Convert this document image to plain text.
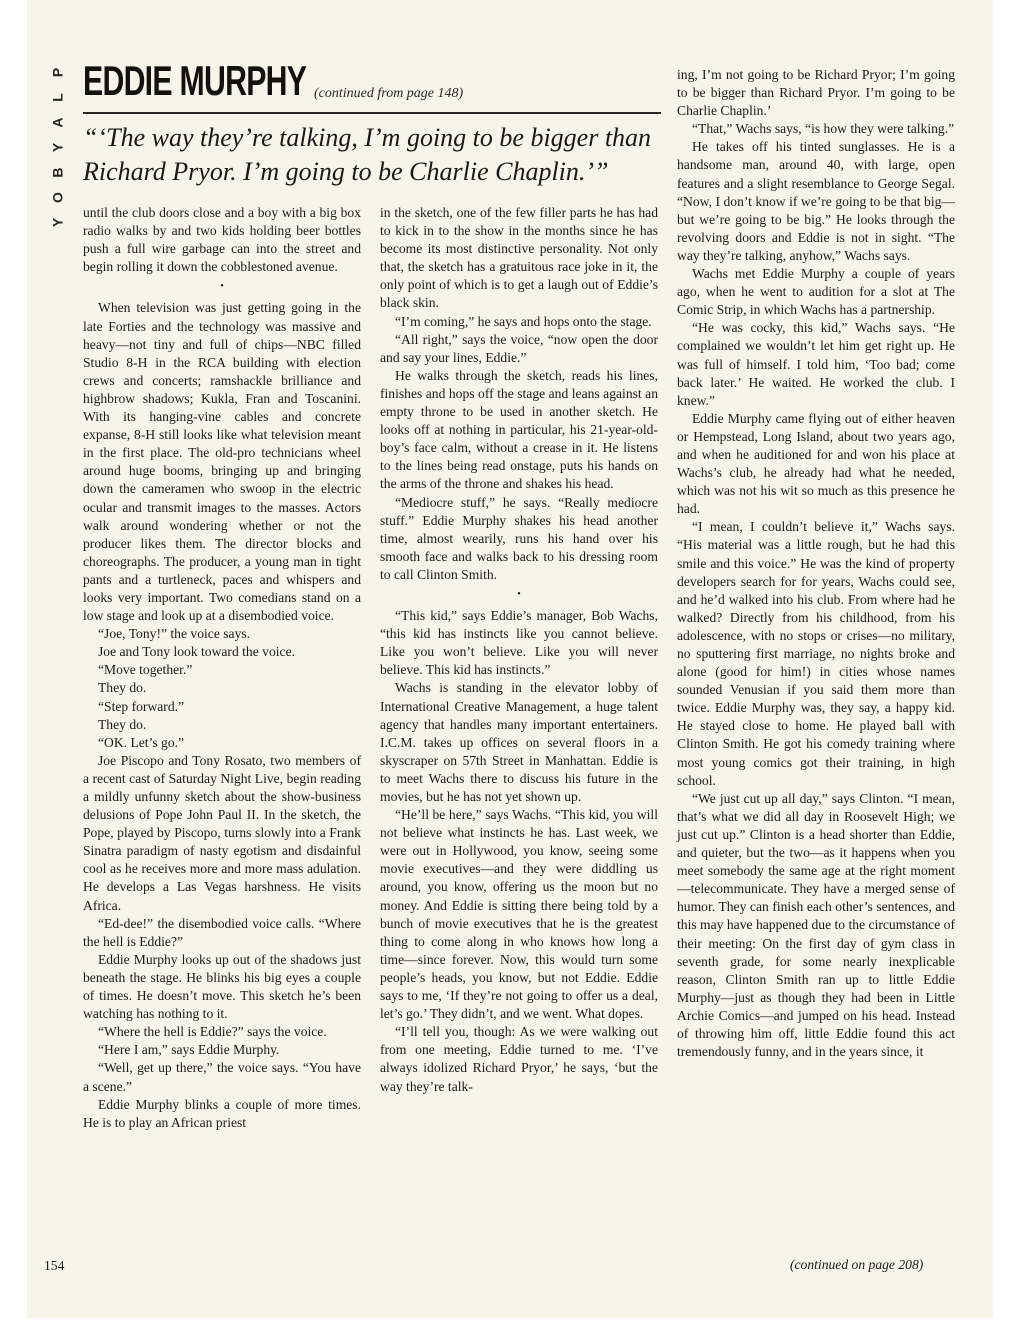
P
L
A
Y
B
O
Y
EDDIE MURPHY (continued from page 148)
“‘The way they’re talking, I’m going to be bigger than Richard Pryor. I’m going to be Charlie Chaplin.’”

until the club doors close and a boy with a big box radio walks by and two kids holding beer bottles push a full wire garbage can into the street and begin rolling it down the cobblestoned avenue.

•

When television was just getting going in the late Forties and the technology was massive and heavy—not tiny and full of chips—NBC filled Studio 8-H in the RCA building with election crews and concerts; ramshackle brilliance and highbrow shadows; Kukla, Fran and Toscanini. With its hanging-vine cables and concrete expanse, 8-H still looks like what television meant in the first place. The old-pro technicians wheel around huge booms, bringing up and bringing down the cameramen who swoop in the electric ocular and transmit images to the masses. Actors walk around wondering whether or not the producer likes them. The director blocks and choreographs. The producer, a young man in tight pants and a turtleneck, paces and whispers and looks very important. Two comedians stand on a low stage and look up at a disembodied voice.

“Joe, Tony!” the voice says.

Joe and Tony look toward the voice.

“Move together.”

They do.

“Step forward.”

They do.

“OK. Let’s go.”

Joe Piscopo and Tony Rosato, two members of a recent cast of Saturday Night Live, begin reading a mildly unfunny sketch about the show-business delusions of Pope John Paul II. In the sketch, the Pope, played by Piscopo, turns slowly into a Frank Sinatra paradigm of nasty egotism and disdainful cool as he receives more and more mass adulation. He develops a Las Vegas harshness. He visits Africa.

“Ed-dee!” the disembodied voice calls. “Where the hell is Eddie?”

Eddie Murphy looks up out of the shadows just beneath the stage. He blinks his big eyes a couple of times. He doesn’t move. This sketch he’s been watching has nothing to it.

“Where the hell is Eddie?” says the voice.

“Here I am,” says Eddie Murphy.

“Well, get up there,” the voice says. “You have a scene.”

Eddie Murphy blinks a couple of more times. He is to play an African priest

in the sketch, one of the few filler parts he has had to kick in to the show in the months since he has become its most distinctive personality. Not only that, the sketch has a gratuitous race joke in it, the only point of which is to get a laugh out of Eddie’s black skin.

“I’m coming,” he says and hops onto the stage.

“All right,” says the voice, “now open the door and say your lines, Eddie.”

He walks through the sketch, reads his lines, finishes and hops off the stage and leans against an empty throne to be used in another sketch. He looks off at nothing in particular, his 21-year-old-boy’s face calm, without a crease in it. He listens to the lines being read onstage, puts his hands on the arms of the throne and shakes his head.

“Mediocre stuff,” he says. “Really mediocre stuff.” Eddie Murphy shakes his head another time, almost wearily, runs his hand over his smooth face and walks back to his dressing room to call Clinton Smith.

•

“This kid,” says Eddie’s manager, Bob Wachs, “this kid has instincts like you cannot believe. Like you won’t believe. Like you will never believe. This kid has instincts.”

Wachs is standing in the elevator lobby of International Creative Management, a huge talent agency that handles many important entertainers. I.C.M. takes up offices on several floors in a skyscraper on 57th Street in Manhattan. Eddie is to meet Wachs there to discuss his future in the movies, but he has not yet shown up.

“He’ll be here,” says Wachs. “This kid, you will not believe what instincts he has. Last week, we were out in Hollywood, you know, seeing some movie executives—and they were diddling us around, you know, offering us the moon but no money. And Eddie is sitting there being told by a bunch of movie executives that he is the greatest thing to come along in who knows how long a time—since forever. Now, this would turn some people’s heads, you know, but not Eddie. Eddie says to me, ‘If they’re not going to offer us a deal, let’s go.’ They didn’t, and we went. What dopes.

“I’ll tell you, though: As we were walking out from one meeting, Eddie turned to me. ‘I’ve always idolized Richard Pryor,’ he says, ‘but the way they’re talk-

ing, I’m not going to be Richard Pryor; I’m going to be bigger than Richard Pryor. I’m going to be Charlie Chaplin.’

“That,” Wachs says, “is how they were talking.”

He takes off his tinted sunglasses. He is a handsome man, around 40, with large, open features and a slight resemblance to George Segal. “Now, I don’t know if we’re going to be that big—but we’re going to be big.” He looks through the revolving doors and Eddie is not in sight. “The way they’re talking, anyhow,” Wachs says.

Wachs met Eddie Murphy a couple of years ago, when he went to audition for a slot at The Comic Strip, in which Wachs has a partnership.

“He was cocky, this kid,” Wachs says. “He complained we wouldn’t let him get right up. He was full of himself. I told him, ‘Too bad; come back later.’ He waited. He worked the club. I knew.”

Eddie Murphy came flying out of either heaven or Hempstead, Long Island, about two years ago, and when he auditioned for and won his place at Wachs’s club, he already had what he needed, which was not his wit so much as this presence he had.

“I mean, I couldn’t believe it,” Wachs says. “His material was a little rough, but he had this smile and this voice.” He was the kind of property developers search for for years, Wachs could see, and he’d walked into his club. From where had he walked? Directly from his childhood, from his adolescence, with no stops or crises—no military, no sputtering first marriage, no nights broke and alone (good for him!) in cities whose names sounded Venusian if you said them more than twice. Eddie Murphy was, they say, a happy kid. He stayed close to home. He played ball with Clinton Smith. He got his comedy training where most young comics got their training, in high school.

“We just cut up all day,” says Clinton. “I mean, that’s what we did all day in Roosevelt High; we just cut up.” Clinton is a head shorter than Eddie, and quieter, but the two—as it happens when you meet somebody the same age at the right moment—telecommunicate. They have a merged sense of humor. They can finish each other’s sentences, and this may have happened due to the circumstance of their meeting: On the first day of gym class in seventh grade, for some nearly inexplicable reason, Clinton Smith ran up to little Eddie Murphy—just as though they had been in Little Archie Comics—and jumped on his head. Instead of throwing him off, little Eddie found this act tremendously funny, and in the years since, it

154	(continued on page 208)
